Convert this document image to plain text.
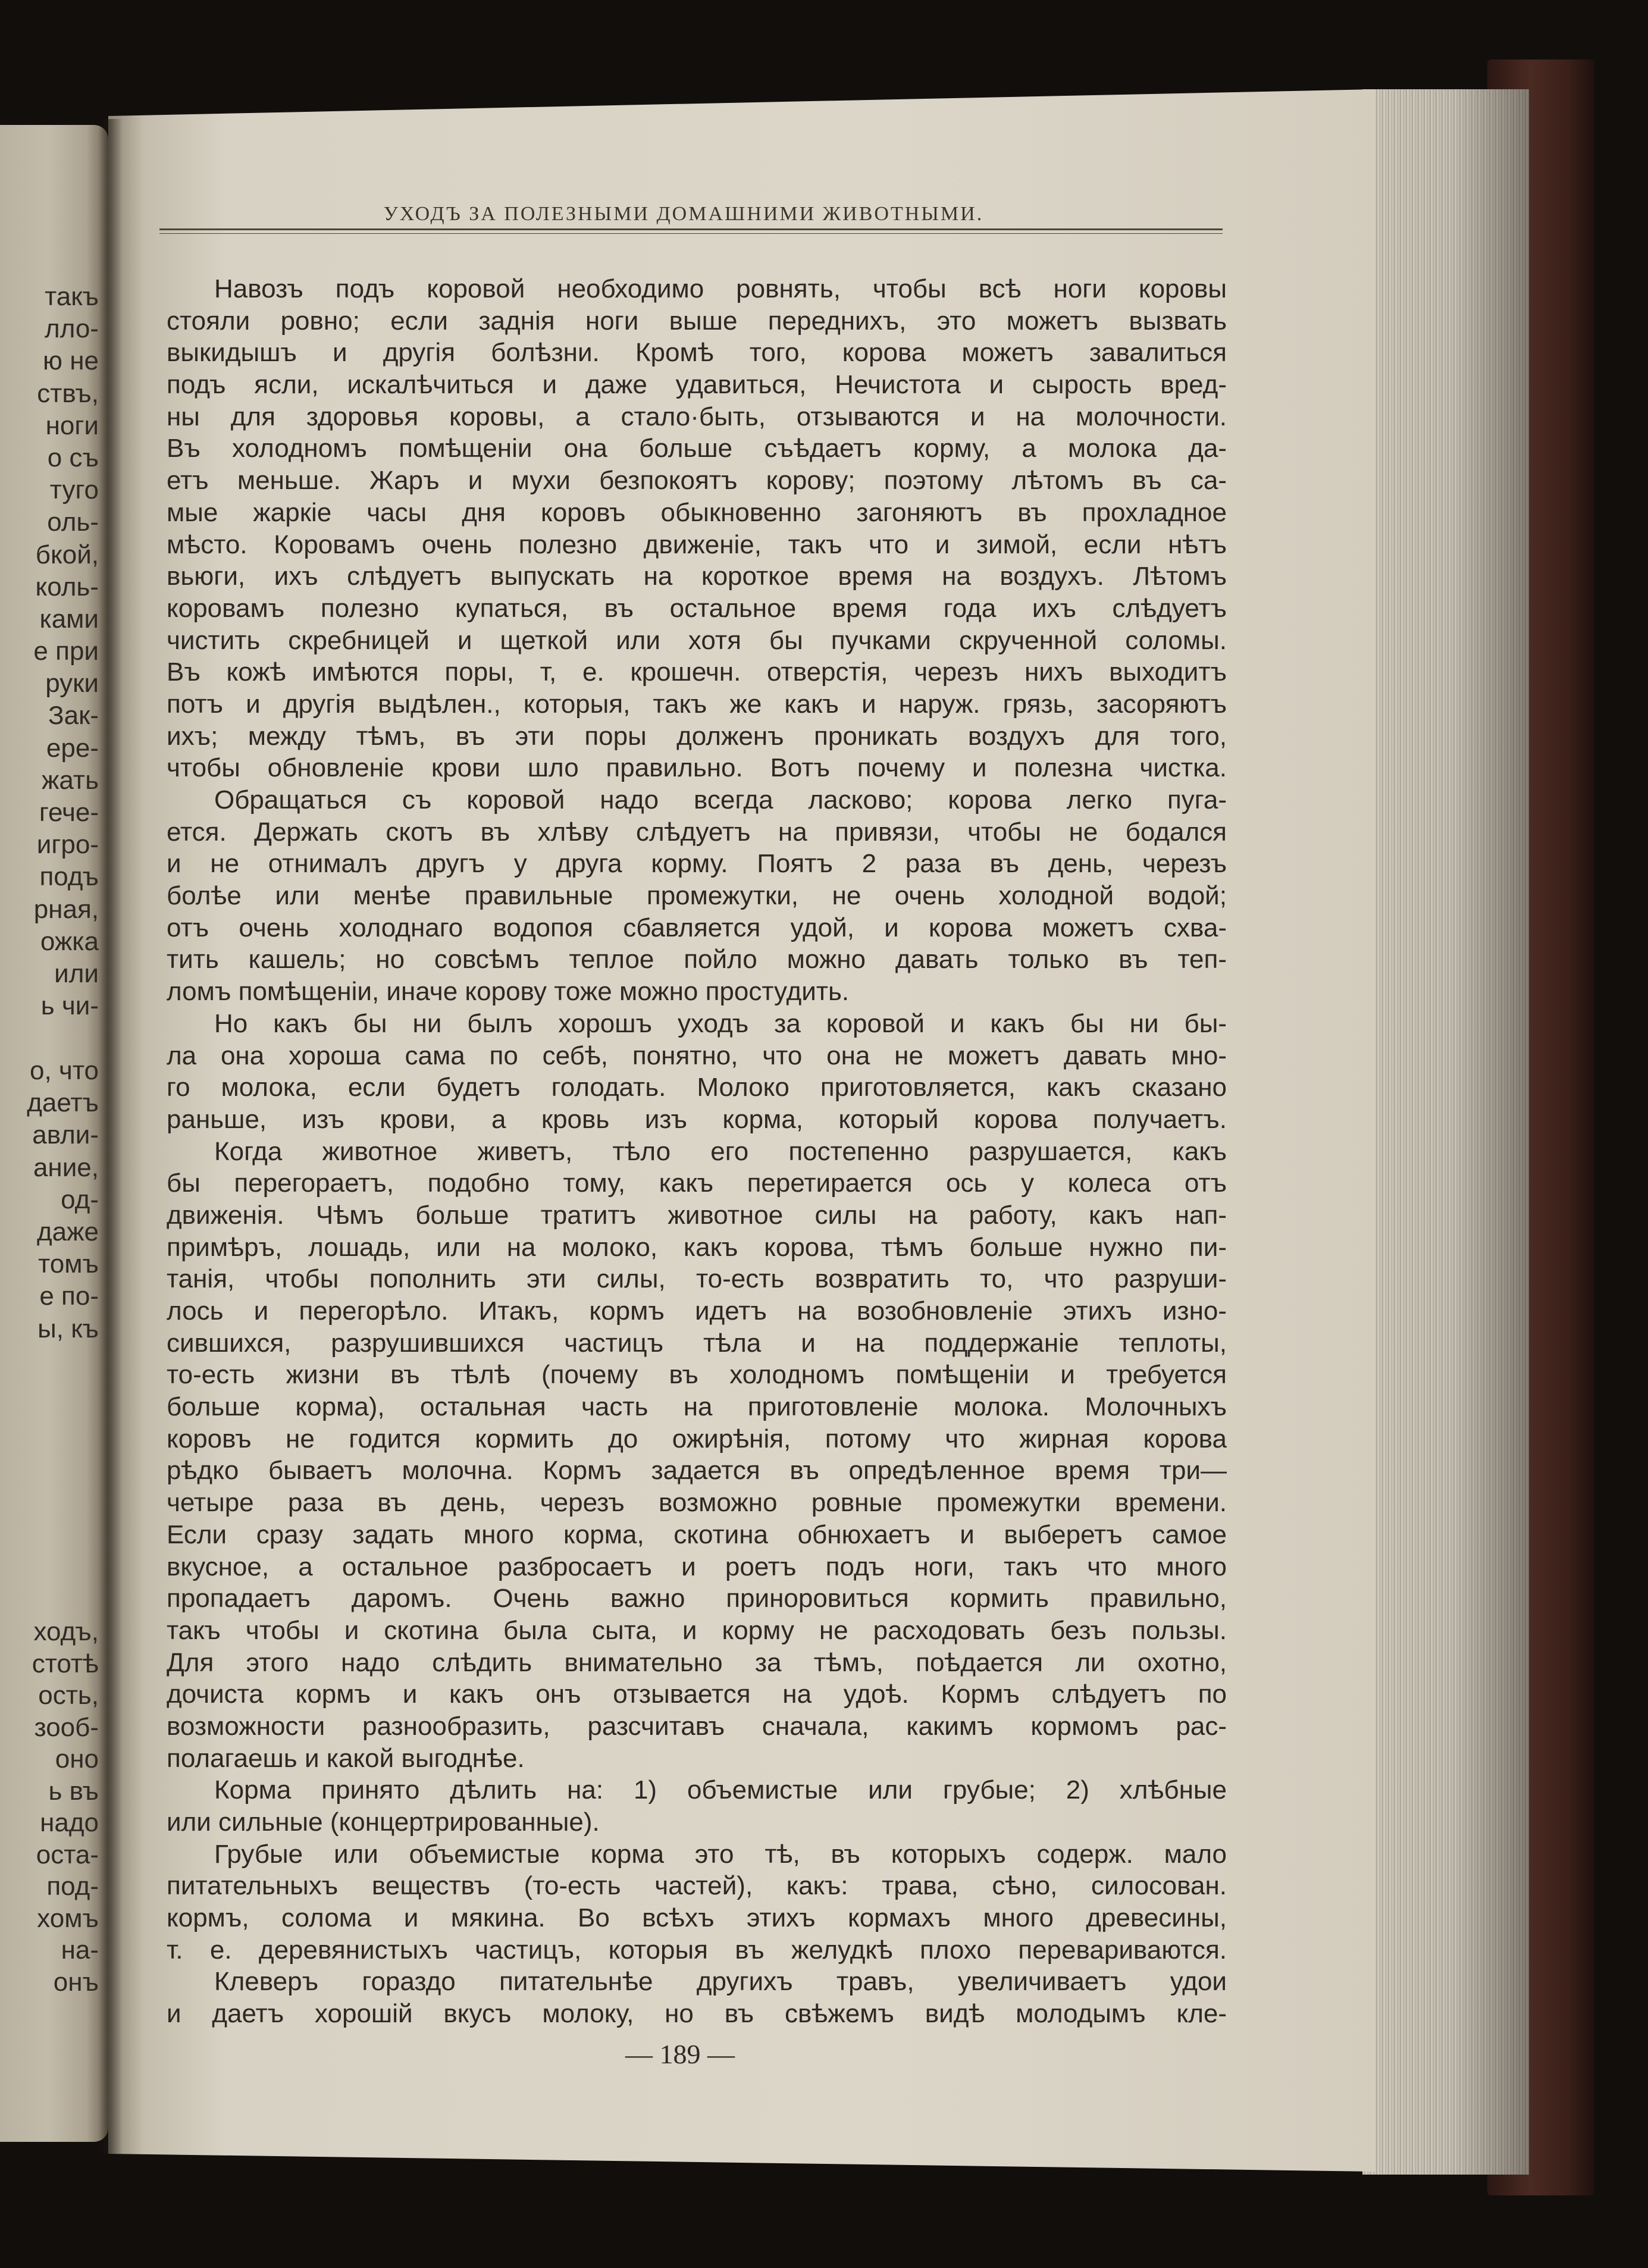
такъ
лло-
ю не
ствъ,
ноги
о съ
туго
оль-
бкой,
коль-
ками
е при
руки
Зак-
ере-
жать
гече-
игро-
подъ
рная,
ожка
или
ь чи-
о, что
даетъ
авли-
ание,
од-
даже
томъ
е по-
ы, къ
ходъ,
стотѣ
ость,
зооб-
оно
ь въ
надо
оста-
под-
хомъ
на-
онъ
УХОДЪ ЗА ПОЛЕЗНЫМИ ДОМАШНИМИ ЖИВОТНЫМИ.
Навозъ подъ коровой необходимо ровнять, чтобы всѣ ноги коровы
стояли ровно; если заднія ноги выше переднихъ, это можетъ вызвать
выкидышъ и другія болѣзни. Кромѣ того, корова можетъ завалиться
подъ ясли, искалѣчиться и даже удавиться, Нечистота и сырость вред-
ны для здоровья коровы, а стало·быть, отзываются и на молочности.
Въ холодномъ помѣщеніи она больше съѣдаетъ корму, а молока да-
етъ меньше. Жаръ и мухи безпокоятъ корову; поэтому лѣтомъ въ са-
мые жаркіе часы дня коровъ обыкновенно загоняютъ въ прохладное
мѣсто. Коровамъ очень полезно движеніе, такъ что и зимой, если нѣтъ
вьюги, ихъ слѣдуетъ выпускать на короткое время на воздухъ. Лѣтомъ
коровамъ полезно купаться, въ остальное время года ихъ слѣдуетъ
чистить скребницей и щеткой или хотя бы пучками скрученной соломы.
Въ кожѣ имѣются поры, т, е. крошечн. отверстія, черезъ нихъ выходитъ
потъ и другія выдѣлен., которыя, такъ же какъ и наруж. грязь, засоряютъ
ихъ; между тѣмъ, въ эти поры долженъ проникать воздухъ для того,
чтобы обновленіе крови шло правильно. Вотъ почему и полезна чистка.
Обращаться съ коровой надо всегда ласково; корова легко пуга-
ется. Держать скотъ въ хлѣву слѣдуетъ на привязи, чтобы не бодался
и не отнималъ другъ у друга корму. Поятъ 2 раза въ день, черезъ
болѣе или менѣе правильные промежутки, не очень холодной водой;
отъ очень холоднаго водопоя сбавляется удой, и корова можетъ схва-
тить кашель; но совсѣмъ теплое пойло можно давать только въ теп-
ломъ помѣщеніи, иначе корову тоже можно простудить.
Но какъ бы ни былъ хорошъ уходъ за коровой и какъ бы ни бы-
ла она хороша сама по себѣ, понятно, что она не можетъ давать мно-
го молока, если будетъ голодать. Молоко приготовляется, какъ сказано
раньше, изъ крови, а кровь изъ корма, который корова получаетъ.
Когда животное живетъ, тѣло его постепенно разрушается, какъ
бы перегораетъ, подобно тому, какъ перетирается ось у колеса отъ
движенія. Чѣмъ больше тратитъ животное силы на работу, какъ нап-
примѣръ, лошадь, или на молоко, какъ корова, тѣмъ больше нужно пи-
танія, чтобы пополнить эти силы, то-есть возвратить то, что разруши-
лось и перегорѣло. Итакъ, кормъ идетъ на возобновленіе этихъ изно-
сившихся, разрушившихся частицъ тѣла и на поддержаніе теплоты,
то-есть жизни въ тѣлѣ (почему въ холодномъ помѣщеніи и требуется
больше корма), остальная часть на приготовленіе молока. Молочныхъ
коровъ не годится кормить до ожирѣнія, потому что жирная корова
рѣдко бываетъ молочна. Кормъ задается въ опредѣленное время три—
четыре раза въ день, черезъ возможно ровные промежутки времени.
Если сразу задать много корма, скотина обнюхаетъ и выберетъ самое
вкусное, а остальное разбросаетъ и роетъ подъ ноги, такъ что много
пропадаетъ даромъ. Очень важно приноровиться кормить правильно,
такъ чтобы и скотина была сыта, и корму не расходовать безъ пользы.
Для этого надо слѣдить внимательно за тѣмъ, поѣдается ли охотно,
дочиста кормъ и какъ онъ отзывается на удоѣ. Кормъ слѣдуетъ по
возможности разнообразить, разсчитавъ сначала, какимъ кормомъ рас-
полагаешь и какой выгоднѣе.
Корма принято дѣлить на: 1) объемистые или грубые; 2) хлѣбные
или сильные (концертрированные).
Грубые или объемистые корма это тѣ, въ которыхъ содерж. мало
питательныхъ веществъ (то-есть частей), какъ: трава, сѣно, силосован.
кормъ, солома и мякина. Во всѣхъ этихъ кормахъ много древесины,
т. е. деревянистыхъ частицъ, которыя въ желудкѣ плохо перевариваются.
Клеверъ гораздо питательнѣе другихъ травъ, увеличиваетъ удои
и даетъ хорошій вкусъ молоку, но въ свѣжемъ видѣ молодымъ кле-
— 189 —
